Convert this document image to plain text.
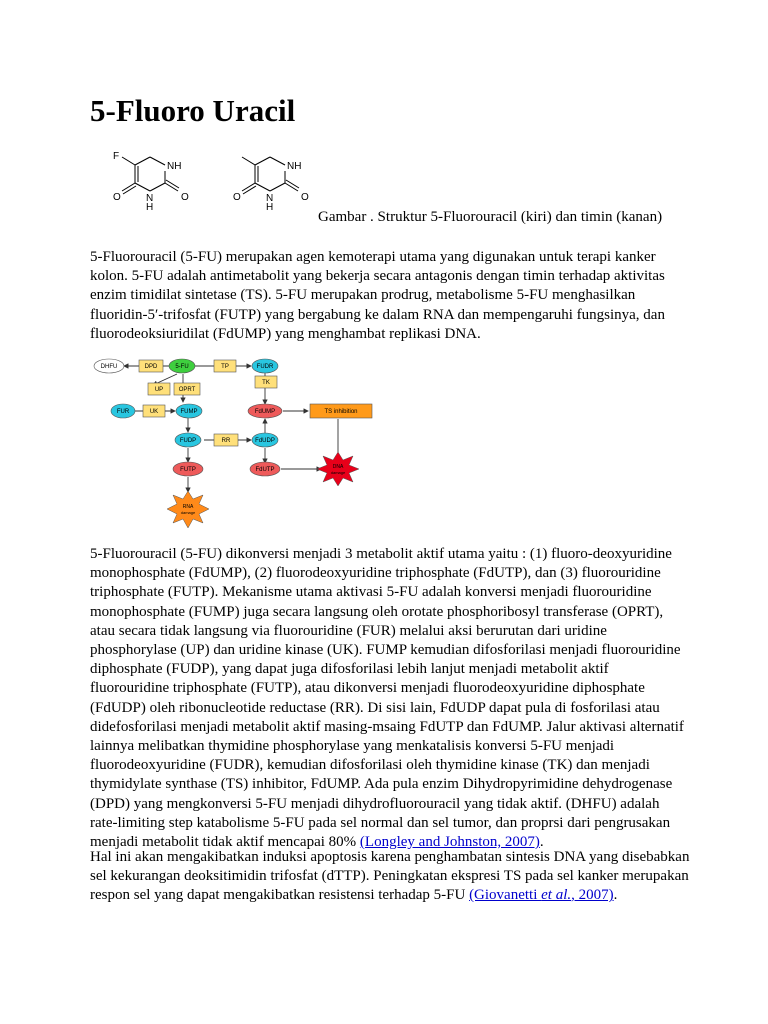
5-Fluoro Uracil
F
NH
N
H
O	O
NH
N
H
O	O
Gambar . Struktur 5-Fluorouracil (kiri) dan timin (kanan)

5-Fluorouracil (5-FU) merupakan agen kemoterapi utama yang digunakan untuk terapi kanker kolon. 5-FU adalah antimetabolit yang bekerja secara antagonis dengan timin terhadap aktivitas enzim timidilat sintetase (TS). 5-FU merupakan prodrug, metabolisme 5-FU menghasilkan fluoridin-5′-trifosfat (FUTP) yang bergabung ke dalam RNA dan mempengaruhi fungsinya, dan fluorodeoksiuridilat (FdUMP) yang menghambat replikasi DNA.

DHFU	DPD	5-FU	TP	FUDR
UP	OPRT
TK
FUR	UK	FUMP	FdUMP	TS inhibition
FUDP	RR	FdUDP
FUTP	FdUTP	DNA
damage
RNA
damage

5-Fluorouracil (5-FU) dikonversi menjadi 3 metabolit aktif utama yaitu : (1) fluoro-deoxyuridine monophosphate (FdUMP), (2) fluorodeoxyuridine triphosphate (FdUTP), dan (3) fluorouridine triphosphate (FUTP). Mekanisme utama aktivasi 5-FU adalah konversi menjadi fluorouridine monophosphate (FUMP) juga secara langsung oleh orotate phosphoribosyl transferase (OPRT), atau secara tidak langsung via fluorouridine (FUR) melalui aksi berurutan dari uridine phosphorylase (UP) dan uridine kinase (UK). FUMP kemudian difosforilasi menjadi fluorouridine diphosphate (FUDP), yang dapat juga difosforilasi lebih lanjut menjadi metabolit aktif fluorouridine triphosphate (FUTP), atau dikonversi menjadi fluorodeoxyuridine diphosphate (FdUDP) oleh ribonucleotide reductase (RR). Di sisi lain, FdUDP dapat pula di fosforilasi atau didefosforilasi menjadi metabolit aktif masing-msaing FdUTP dan FdUMP. Jalur aktivasi alternatif lainnya melibatkan thymidine phosphorylase yang menkatalisis konversi 5-FU menjadi fluorodeoxyuridine (FUDR), kemudian difosforilasi oleh thymidine kinase (TK) dan menjadi thymidylate synthase (TS) inhibitor, FdUMP. Ada pula enzim Dihydropyrimidine dehydrogenase (DPD) yang mengkonversi 5-FU menjadi dihydrofluorouracil yang tidak aktif. (DHFU) adalah rate-limiting step katabolisme 5-FU pada sel normal dan sel tumor, dan proprsi dari pengrusakan menjadi metabolit tidak aktif mencapai 80% (Longley and Johnston, 2007).

Hal ini akan mengakibatkan induksi apoptosis karena penghambatan sintesis DNA yang disebabkan sel kekurangan deoksitimidin trifosfat (dTTP). Peningkatan ekspresi TS pada sel kanker merupakan respon sel yang dapat mengakibatkan resistensi terhadap 5-FU (Giovanetti et al., 2007).
